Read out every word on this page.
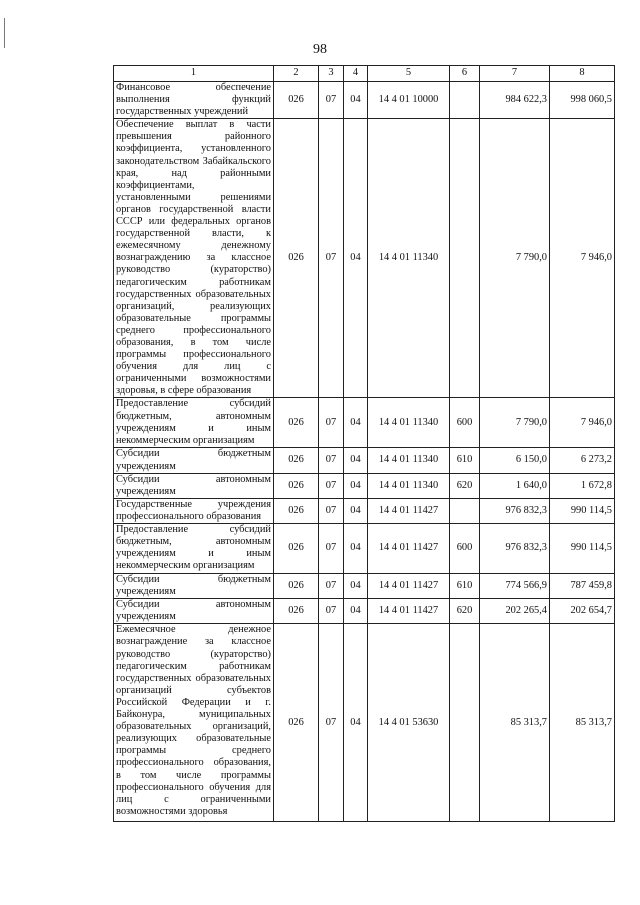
98
1	2	3	4	5	6	7	8
Финансовое обеспечение выполнения функций государственных учреждений	026	07	04	14 4 01 10000		984 622,3	998 060,5
Обеспечение выплат в части превышения районного коэффициента, установленного законодательством Забайкальского края, над районными коэффициентами, установленными решениями органов государственной власти СССР или федеральных органов государственной власти, к ежемесячному денежному вознаграждению за классное руководство (кураторство) педагогическим работникам государственных образовательных организаций, реализующих образовательные программы среднего профессионального образования, в том числе программы профессионального обучения для лиц с ограниченными возможностями здоровья, в сфере образования	026	07	04	14 4 01 11340		7 790,0	7 946,0
Предоставление субсидий бюджетным, автономным учреждениям и иным некоммерческим организациям	026	07	04	14 4 01 11340	600	7 790,0	7 946,0
Субсидии бюджетным учреждениям	026	07	04	14 4 01 11340	610	6 150,0	6 273,2
Субсидии автономным учреждениям	026	07	04	14 4 01 11340	620	1 640,0	1 672,8
Государственные учреждения профессионального образования	026	07	04	14 4 01 11427		976 832,3	990 114,5
Предоставление субсидий бюджетным, автономным учреждениям и иным некоммерческим организациям	026	07	04	14 4 01 11427	600	976 832,3	990 114,5
Субсидии бюджетным учреждениям	026	07	04	14 4 01 11427	610	774 566,9	787 459,8
Субсидии автономным учреждениям	026	07	04	14 4 01 11427	620	202 265,4	202 654,7
Ежемесячное денежное вознаграждение за классное руководство (кураторство) педагогическим работникам государственных образовательных организаций субъектов Российской Федерации и г. Байконура, муниципальных образовательных организаций, реализующих образовательные программы среднего профессионального образования, в том числе программы профессионального обучения для лиц с ограниченными возможностями здоровья	026	07	04	14 4 01 53630		85 313,7	85 313,7
